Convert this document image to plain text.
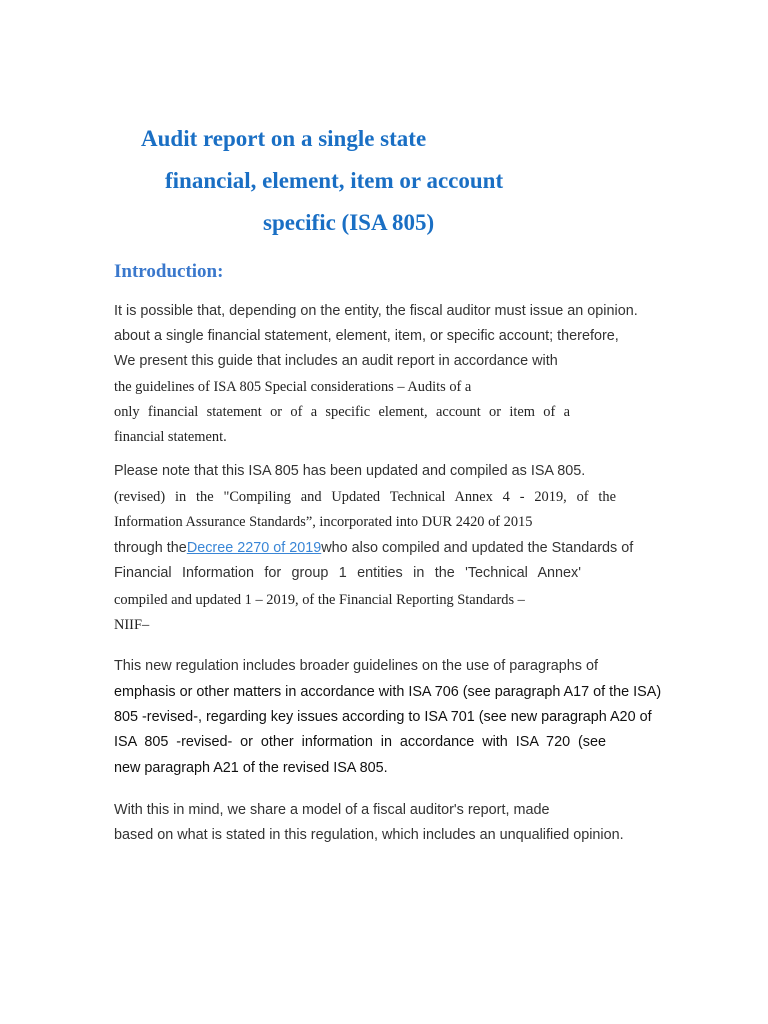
Audit report on a single state
financial, element, item or account
specific (ISA 805)
Introduction:
It is possible that, depending on the entity, the fiscal auditor must issue an opinion.
about a single financial statement, element, item, or specific account; therefore,
We present this guide that includes an audit report in accordance with
the guidelines of ISA 805 Special considerations – Audits of a
only financial statement or of a specific element, account or item of a
financial statement.
Please note that this ISA 805 has been updated and compiled as ISA 805.
(revised) in the "Compiling and Updated Technical Annex 4 - 2019, of the
Information Assurance Standards”, incorporated into DUR 2420 of 2015
through theDecree 2270 of 2019who also compiled and updated the Standards of
Financial Information for group 1 entities in the 'Technical Annex'
compiled and updated 1 – 2019, of the Financial Reporting Standards –
NIIF–
This new regulation includes broader guidelines on the use of paragraphs of
emphasis or other matters in accordance with ISA 706 (see paragraph A17 of the ISA)
805 -revised-, regarding key issues according to ISA 701 (see new paragraph A20 of
ISA 805 -revised- or other information in accordance with ISA 720 (see
new paragraph A21 of the revised ISA 805.
With this in mind, we share a model of a fiscal auditor's report, made
based on what is stated in this regulation, which includes an unqualified opinion.
